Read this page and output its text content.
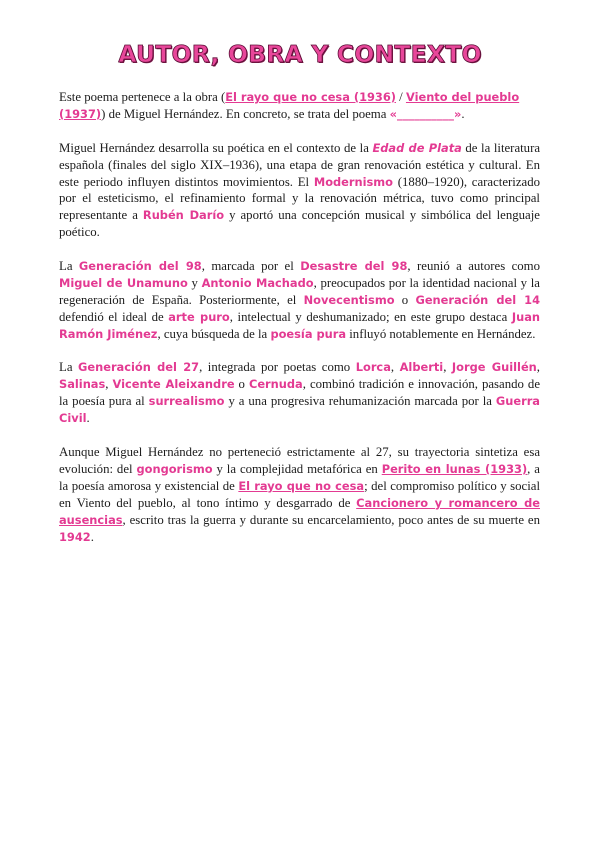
AUTOR, OBRA Y CONTEXTO

Este poema pertenece a la obra (El rayo que no cesa (1936) / Viento del pueblo (1937)) de Miguel Hernández. En concreto, se trata del poema «__________».

Miguel Hernández desarrolla su poética en el contexto de la Edad de Plata de la literatura española (finales del siglo XIX–1936), una etapa de gran renovación estética y cultural. En este periodo influyen distintos movimientos. El Modernismo (1880–1920), caracterizado por el esteticismo, el refinamiento formal y la renovación métrica, tuvo como principal representante a Rubén Darío y aportó una concepción musical y simbólica del lenguaje poético.

La Generación del 98, marcada por el Desastre del 98, reunió a autores como Miguel de Unamuno y Antonio Machado, preocupados por la identidad nacional y la regeneración de España. Posteriormente, el Novecentismo o Generación del 14 defendió el ideal de arte puro, intelectual y deshumanizado; en este grupo destaca Juan Ramón Jiménez, cuya búsqueda de la poesía pura influyó notablemente en Hernández.

La Generación del 27, integrada por poetas como Lorca, Alberti, Jorge Guillén, Salinas, Vicente Aleixandre o Cernuda, combinó tradición e innovación, pasando de la poesía pura al surrealismo y a una progresiva rehumanización marcada por la Guerra Civil.

Aunque Miguel Hernández no perteneció estrictamente al 27, su trayectoria sintetiza esa evolución: del gongorismo y la complejidad metafórica en Perito en lunas (1933), a la poesía amorosa y existencial de El rayo que no cesa; del compromiso político y social en Viento del pueblo, al tono íntimo y desgarrado de Cancionero y romancero de ausencias, escrito tras la guerra y durante su encarcelamiento, poco antes de su muerte en 1942.
